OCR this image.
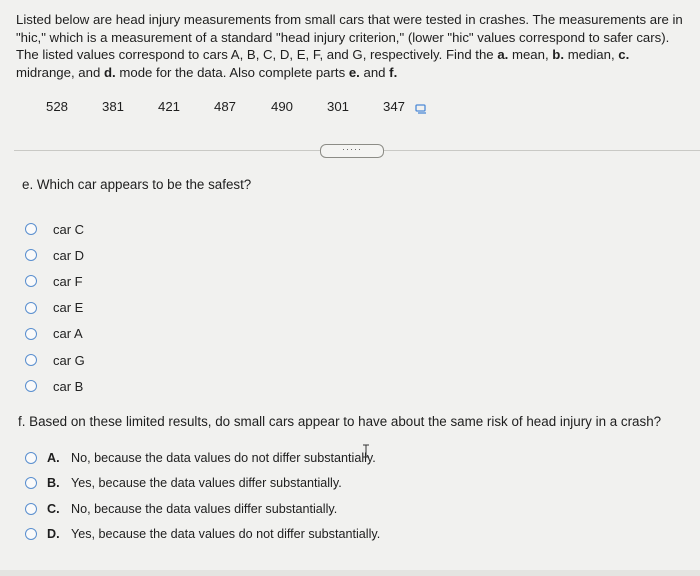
Listed below are head injury measurements from small cars that were tested in crashes. The measurements are in "hic," which is a measurement of a standard "head injury criterion," (lower "hic" values correspond to safer cars). The listed values correspond to cars A, B, C, D, E, F, and G, respectively. Find the a. mean, b. median, c. midrange, and d. mode for the data. Also complete parts e. and f.
528	381	421	487	490	301	347
·····
e. Which car appears to be the safest?
car C
car D
car F
car E
car A
car G
car B
f. Based on these limited results, do small cars appear to have about the same risk of head injury in a crash?
A. No, because the data values do not differ substantially.
B. Yes, because the data values differ substantially.
C. No, because the data values differ substantially.
D. Yes, because the data values do not differ substantially.
